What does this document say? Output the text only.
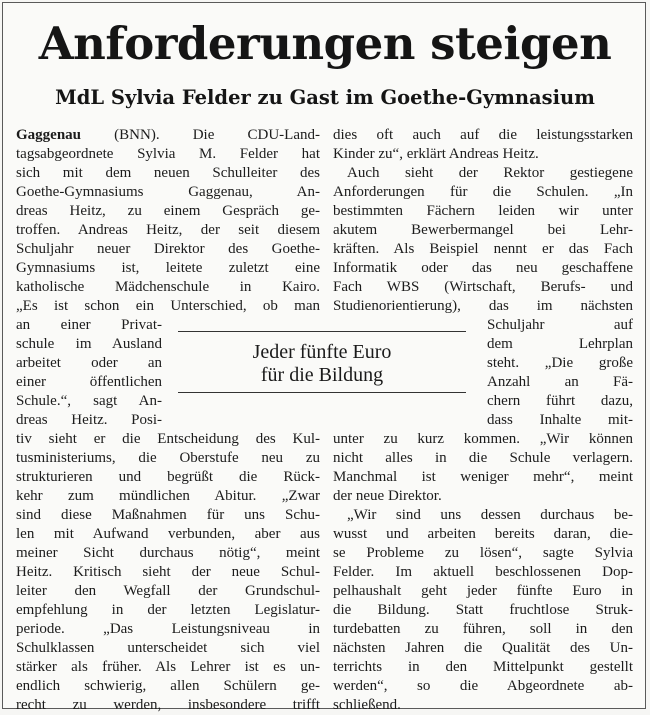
Anforderungen steigen
MdL Sylvia Felder zu Gast im Goethe-Gymnasium
Gaggenau (BNN). Die CDU-Land-
tagsabgeordnete Sylvia M. Felder hat
sich mit dem neuen Schulleiter des
Goethe-Gymnasiums Gaggenau, An-
dreas Heitz, zu einem Gespräch ge-
troffen. Andreas Heitz, der seit diesem
Schuljahr neuer Direktor des Goethe-
Gymnasiums ist, leitete zuletzt eine
katholische Mädchenschule in Kairo.
„Es ist schon ein Unterschied, ob man
an einer Privat-
schule im Ausland
arbeitet oder an
einer öffentlichen
Schule.“, sagt An-
dreas Heitz. Posi-
tiv sieht er die Entscheidung des Kul-
tusministeriums, die Oberstufe neu zu
strukturieren und begrüßt die Rück-
kehr zum mündlichen Abitur. „Zwar
sind diese Maßnahmen für uns Schu-
len mit Aufwand verbunden, aber aus
meiner Sicht durchaus nötig“, meint
Heitz. Kritisch sieht der neue Schul-
leiter den Wegfall der Grundschul-
empfehlung in der letzten Legislatur-
periode. „Das Leistungsniveau in
Schulklassen unterscheidet sich viel
stärker als früher. Als Lehrer ist es un-
endlich schwierig, allen Schülern ge-
recht zu werden, insbesondere trifft
dies oft auch auf die leistungsstarken
Kinder zu“, erklärt Andreas Heitz.
Auch sieht der Rektor gestiegene
Anforderungen für die Schulen. „In
bestimmten Fächern leiden wir unter
akutem Bewerbermangel bei Lehr-
kräften. Als Beispiel nennt er das Fach
Informatik oder das neu geschaffene
Fach WBS (Wirtschaft, Berufs- und
Studienorientierung), das im nächsten
Schuljahr auf
dem Lehrplan
steht. „Die große
Anzahl an Fä-
chern führt dazu,
dass Inhalte mit-
unter zu kurz kommen. „Wir können
nicht alles in die Schule verlagern.
Manchmal ist weniger mehr“, meint
der neue Direktor.
„Wir sind uns dessen durchaus be-
wusst und arbeiten bereits daran, die-
se Probleme zu lösen“, sagte Sylvia
Felder. Im aktuell beschlossenen Dop-
pelhaushalt geht jeder fünfte Euro in
die Bildung. Statt fruchtlose Struk-
turdebatten zu führen, soll in den
nächsten Jahren die Qualität des Un-
terrichts in den Mittelpunkt gestellt
werden“, so die Abgeordnete ab-
schließend.
Jeder fünfte Euro
für die Bildung
